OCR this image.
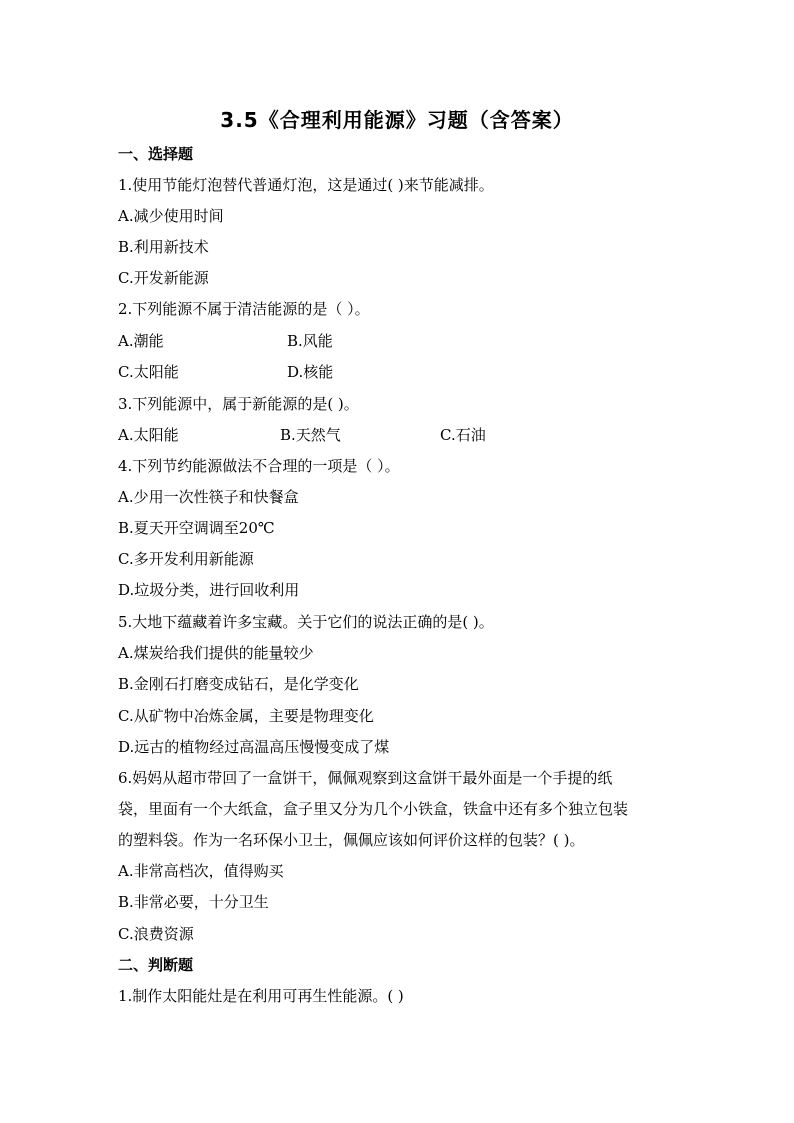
3.5《合理利用能源》习题（含答案）
一、选择题
1.使用节能灯泡替代普通灯泡，这是通过( )来节能减排。
A.减少使用时间
B.利用新技术
C.开发新能源
2.下列能源不属于清洁能源的是（ ）。
A.潮能	B.风能
C.太阳能	D.核能
3.下列能源中，属于新能源的是( )。
A.太阳能	B.天然气	C.石油
4.下列节约能源做法不合理的一项是（ ）。
A.少用一次性筷子和快餐盒
B.夏天开空调调至20℃
C.多开发利用新能源
D.垃圾分类，进行回收利用
5.大地下蕴藏着许多宝藏。关于它们的说法正确的是( )。
A.煤炭给我们提供的能量较少
B.金刚石打磨变成钻石，是化学变化
C.从矿物中冶炼金属，主要是物理变化
D.远古的植物经过高温高压慢慢变成了煤
6.妈妈从超市带回了一盒饼干，佩佩观察到这盒饼干最外面是一个手提的纸
袋，里面有一个大纸盒，盒子里又分为几个小铁盒，铁盒中还有多个独立包装
的塑料袋。作为一名环保小卫士，佩佩应该如何评价这样的包装？( )。
A.非常高档次，值得购买
B.非常必要，十分卫生
C.浪费资源
二、判断题
1.制作太阳能灶是在利用可再生性能源。( )
